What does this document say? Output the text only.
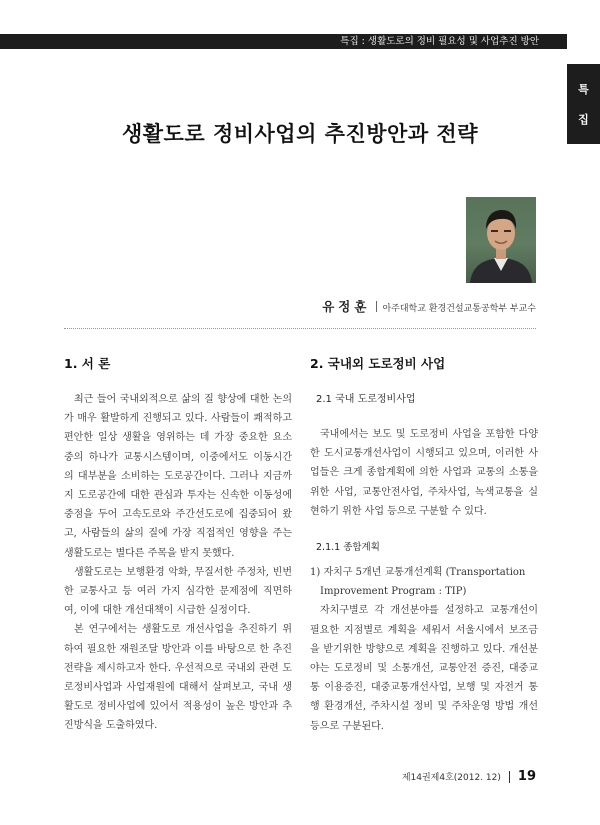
특집 : 생활도로의 정비 필요성 및 사업추진 방안
특
집
생활도로 정비사업의 추진방안과 전략
유정훈 아주대학교 환경건설교통공학부 부교수
1. 서 론

최근 들어 국내외적으로 삶의 질 향상에 대한 논의가 매우 활발하게 진행되고 있다. 사람들이 쾌적하고 편안한 일상 생활을 영위하는 데 가장 중요한 요소 중의 하나가 교통시스템이며, 이중에서도 이동시간의 대부분을 소비하는 도로공간이다. 그러나 지금까지 도로공간에 대한 관심과 투자는 신속한 이동성에 중점을 두어 고속도로와 주간선도로에 집중되어 왔고, 사람들의 삶의 질에 가장 직접적인 영향을 주는 생활도로는 별다른 주목을 받지 못했다.

생활도로는 보행환경 악화, 무질서한 주정차, 빈번한 교통사고 등 여러 가지 심각한 문제점에 직면하여, 이에 대한 개선대책이 시급한 실정이다.

본 연구에서는 생활도로 개선사업을 추진하기 위하여 필요한 재원조달 방안과 이를 바탕으로 한 추진전략을 제시하고자 한다. 우선적으로 국내외 관련 도로정비사업과 사업재원에 대해서 살펴보고, 국내 생활도로 정비사업에 있어서 적용성이 높은 방안과 추진방식을 도출하였다.

2. 국내외 도로정비 사업
2.1 국내 도로정비사업

국내에서는 보도 및 도로정비 사업을 포함한 다양한 도시교통개선사업이 시행되고 있으며, 이러한 사업들은 크게 종합계획에 의한 사업과 교통의 소통을 위한 사업, 교통안전사업, 주차사업, 녹색교통을 실현하기 위한 사업 등으로 구분할 수 있다.

2.1.1 종합계획
1) 자치구 5개년 교통개선계획 (Transportation
Improvement Program : TIP)

자치구별로 각 개선분야를 설정하고 교통개선이 필요한 지점별로 계획을 세워서 서울시에서 보조금을 받기위한 방향으로 계획을 진행하고 있다. 개선분야는 도로정비 및 소통개선, 교통안전 증진, 대중교통 이용증진, 대중교통개선사업, 보행 및 자전거 통행 환경개선, 주차시설 정비 및 주차운영 방법 개선 등으로 구분된다.

제14권제4호(2012. 12) 19
